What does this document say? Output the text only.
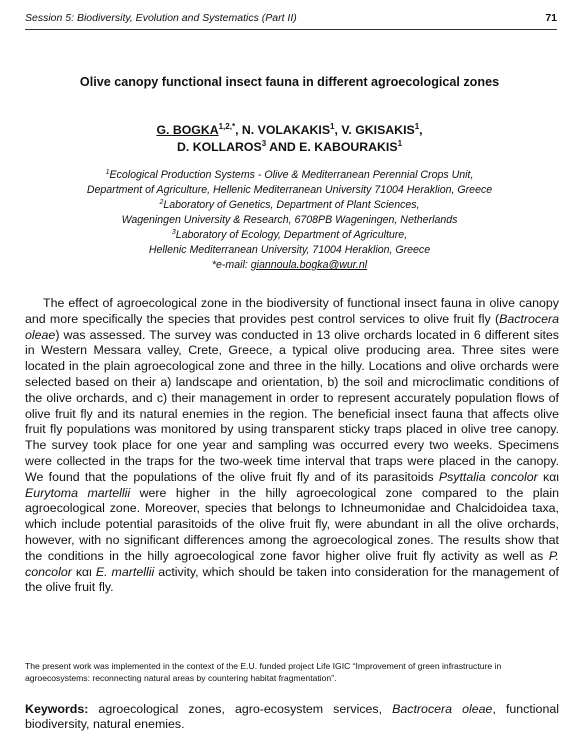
Session 5: Biodiversity, Evolution and Systematics (Part II)	71
Olive canopy functional insect fauna in different agroecological zones
G. $BOGKA^{1,2,*}$, N. VOLAKAKIS$^1$, V. GKISAKIS$^1$,
D. KOLLAROS$^3$ AND E. KABOURAKIS$^1$
$^1$Ecological Production Systems - Olive & Mediterranean Perennial Crops Unit,
Department of Agriculture, Hellenic Mediterranean University 71004 Heraklion, Greece
$^2$Laboratory of Genetics, Department of Plant Sciences,
Wageningen University & Research, 6708PB Wageningen, Netherlands
$^3$Laboratory of Ecology, Department of Agriculture,
Hellenic Mediterranean University, 71004 Heraklion, Greece
*e-mail: giannoula.bogka@wur.nl

The effect of agroecological zone in the biodiversity of functional insect fauna in olive canopy and more specifically the species that provides pest control services to olive fruit fly (Bactrocera oleae) was assessed. The survey was conducted in 13 olive orchards located in 6 different sites in Western Messara valley, Crete, Greece, a typical olive producing area. Three sites were located in the plain agroecological zone and three in the hilly. Locations and olive orchards were selected based on their a) landscape and orientation, b) the soil and microclimatic conditions of the olive orchards, and c) their management in order to represent accurately population flows of olive fruit fly and its natural enemies in the region. The beneficial insect fauna that affects olive fruit fly populations was monitored by using transparent sticky traps placed in olive tree canopy. The survey took place for one year and sampling was occurred every two weeks. Specimens were collected in the traps for the two-week time interval that traps were placed in the canopy. We found that the populations of the olive fruit fly and of its parasitoids Psyttalia concolor και Eurytoma martellii were higher in the hilly agroecological zone compared to the plain agroecological zone. Moreover, species that belongs to Ichneumonidae and Chalcidoidea taxa, which include potential parasitoids of the olive fruit fly, were abundant in all the olive orchards, however, with no significant differences among the agroecological zones. The results show that the conditions in the hilly agroecological zone favor higher olive fruit fly activity as well as P. concolor και E. martellii activity, which should be taken into consideration for the management of the olive fruit fly.

The present work was implemented in the context of the E.U. funded project Life IGIC “Improvement of green infrastructure in agroecosystems: reconnecting natural areas by countering habitat fragmentation”.

Keywords: agroecological zones, agro-ecosystem services, Bactrocera oleae, functional biodiversity, natural enemies.
